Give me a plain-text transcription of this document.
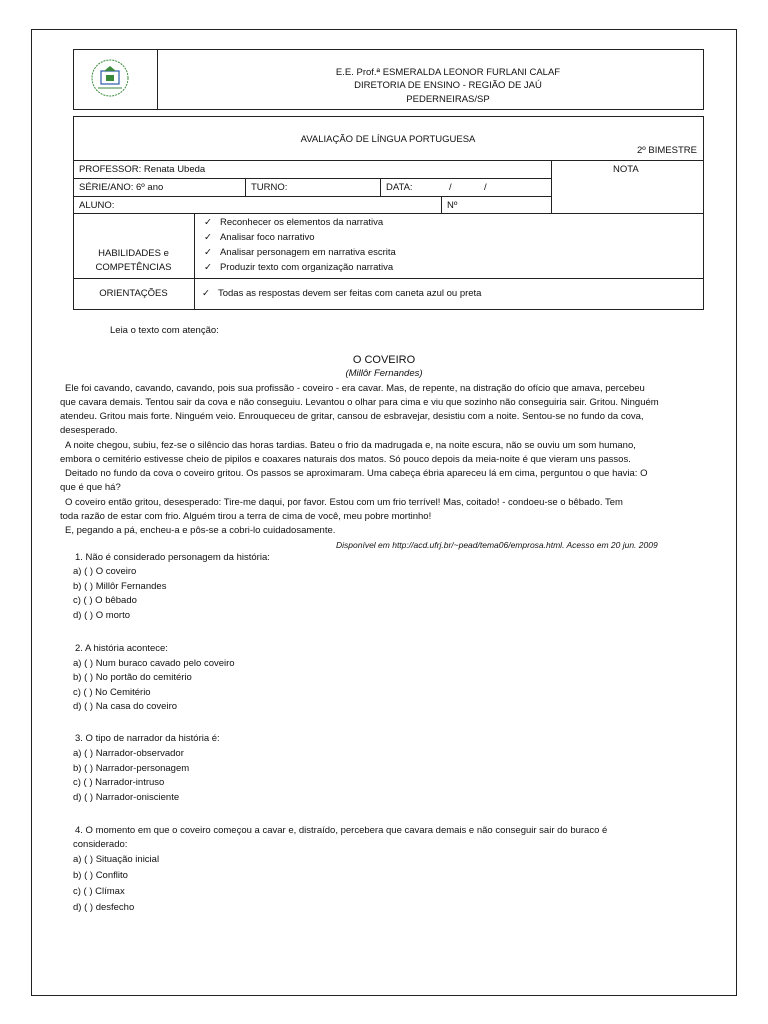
E.E. Prof.ª ESMERALDA LEONOR FURLANI CALAF
DIRETORIA DE ENSINO - REGIÃO DE JAÚ
PEDERNEIRAS/SP
AVALIAÇÃO DE LÍNGUA PORTUGUESA
2º BIMESTRE
PROFESSOR: Renata Ubeda	NOTA
SÉRIE/ANO: 6º ano	TURNO:	DATA:	/	/
ALUNO:	Nº
HABILIDADES e
COMPETÊNCIAS
✓ Reconhecer os elementos da narrativa
✓ Analisar foco narrativo
✓ Analisar personagem em narrativa escrita
✓ Produzir texto com organização narrativa
ORIENTAÇÕES
✓	Todas as respostas devem ser feitas com caneta azul ou preta
Leia o texto com atenção:
O COVEIRO
(Millôr Fernandes)
Ele foi cavando, cavando, cavando, pois sua profissão - coveiro - era cavar. Mas, de repente, na distração do ofício que amava, percebeu
que cavara demais. Tentou sair da cova e não conseguiu. Levantou o olhar para cima e viu que sozinho não conseguiria sair. Gritou. Ninguém
atendeu. Gritou mais forte. Ninguém veio. Enrouqueceu de gritar, cansou de esbravejar, desistiu com a noite. Sentou-se no fundo da cova,
desesperado.
A noite chegou, subiu, fez-se o silêncio das horas tardias. Bateu o frio da madrugada e, na noite escura, não se ouviu um som humano,
embora o cemitério estivesse cheio de pipilos e coaxares naturais dos matos. Só pouco depois da meia-noite é que vieram uns passos.
Deitado no fundo da cova o coveiro gritou. Os passos se aproximaram. Uma cabeça ébria apareceu lá em cima, perguntou o que havia: O
que é que há?
O coveiro então gritou, desesperado: Tire-me daqui, por favor. Estou com um frio terrível! Mas, coitado! - condoeu-se o bêbado. Tem
toda razão de estar com frio. Alguém tirou a terra de cima de você, meu pobre mortinho!
E, pegando a pá, encheu-a e pôs-se a cobri-lo cuidadosamente.
Disponível em http://acd.ufrj.br/~pead/tema06/emprosa.html. Acesso em 20 jun. 2009
1. Não é considerado personagem da história:
a) ( ) O coveiro
b) ( ) Millôr Fernandes
c) ( ) O bêbado
d) ( ) O morto
2. A história acontece:
a) ( ) Num buraco cavado pelo coveiro
b) ( ) No portão do cemitério
c) ( ) No Cemitério
d) ( ) Na casa do coveiro
3. O tipo de narrador da história é:
a) ( ) Narrador-observador
b) ( ) Narrador-personagem
c) ( ) Narrador-intruso
d) ( ) Narrador-onisciente
4. O momento em que o coveiro começou a cavar e, distraído, percebera que cavara demais e não conseguir sair do buraco é
considerado:
a) ( ) Situação inicial
b) ( ) Conflito
c) ( ) Clímax
d) ( ) desfecho
